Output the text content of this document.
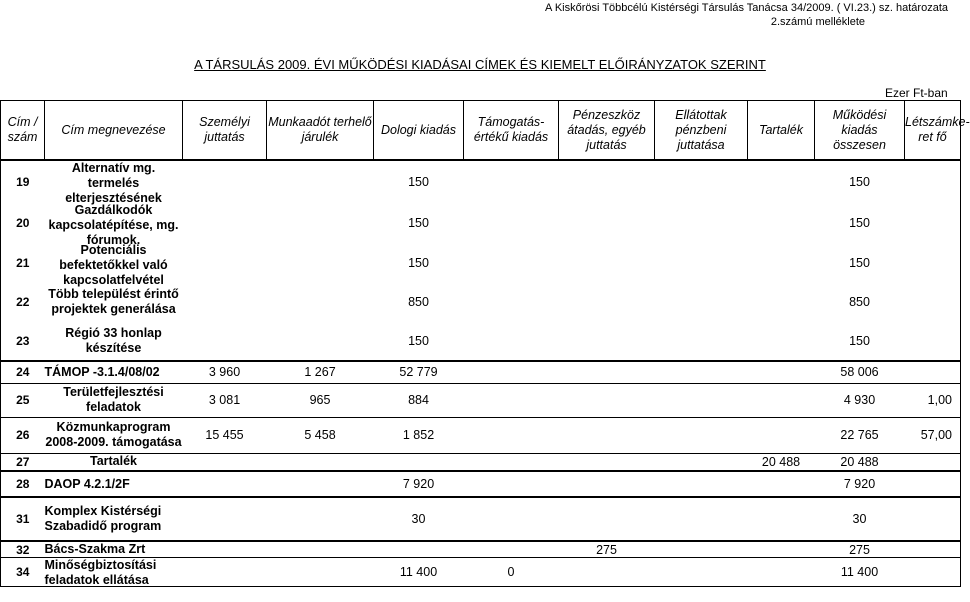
A Kiskőrösi Többcélú Kistérségi Társulás Tanácsa 34/2009. ( VI.23.) sz. határozata
2.számú melléklete
A TÁRSULÁS 2009. ÉVI MŰKÖDÉSI KIADÁSAI CÍMEK ÉS KIEMELT ELŐIRÁNYZATOK SZERINT
Ezer Ft-ban
Cím / szám	Cím megnevezése	Személyi juttatás	Munkaadót terhelő járulék	Dologi kiadás	Támogatás-értékű kiadás	Pénzeszköz átadás, egyéb juttatás	Ellátottak pénzbeni juttatása	Tartalék	Működési kiadás összesen	Létszámke-ret fő
19	Alternatív mg. termelés elterjesztésének			150					150	
20	Gazdálkodók kapcsolatépítése, mg. fórumok.			150					150	
21	Potenciális befektetőkkel való kapcsolatfelvétel			150					150	
22	Több települést érintő projektek generálása			850					850	
23	Régió 33 honlap készítése			150					150	
24	TÁMOP -3.1.4/08/02	3 960	1 267	52 779					58 006	
25	Területfejlesztési feladatok	3 081	965	884					4 930	1,00
26	Közmunkaprogram 2008-2009. támogatása	15 455	5 458	1 852					22 765	57,00
27	Tartalék							20 488	20 488	
28	DAOP 4.2.1/2F			7 920					7 920	
31	Komplex Kistérségi Szabadidő program			30					30	
32	Bács-Szakma Zrt					275			275	
34	Minőségbiztosítási feladatok ellátása			11 400	0				11 400	
